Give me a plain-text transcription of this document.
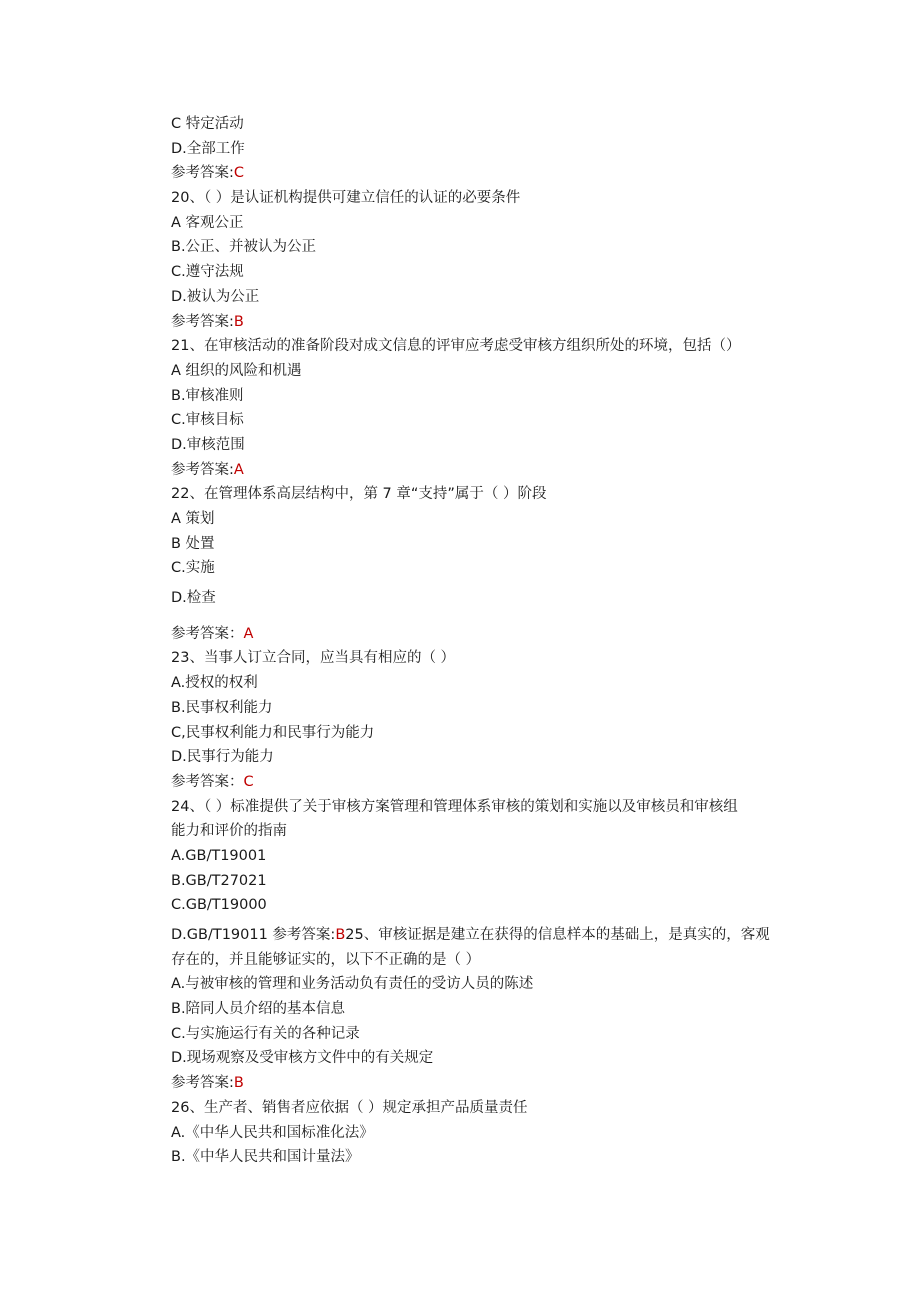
C 特定活动
D.全部工作
参考答案:C
20、（ ）是认证机构提供可建立信任的认证的必要条件
A 客观公正
B.公正、并被认为公正
C.遵守法规
D.被认为公正
参考答案:B
21、在审核活动的准备阶段对成文信息的评审应考虑受审核方组织所处的环境，包括（）
A 组织的风险和机遇
B.审核准则
C.审核目标
D.审核范围
参考答案:A
22、在管理体系高层结构中，第 7 章“支持”属于（ ）阶段
A 策划
B 处置
C.实施
D.检查
参考答案：A
23、当事人订立合同，应当具有相应的（ ）
A.授权的权利
B.民事权利能力
C,民事权利能力和民事行为能力
D.民事行为能力
参考答案：C
24、（ ）标准提供了关于审核方案管理和管理体系审核的策划和实施以及审核员和审核组
能力和评价的指南
A.GB/T19001
B.GB/T27021
C.GB/T19000
D.GB/T19011 参考答案:B25、审核证据是建立在获得的信息样本的基础上，是真实的，客观
存在的，并且能够证实的，以下不正确的是（ ）
A.与被审核的管理和业务活动负有责任的受访人员的陈述
B.陪同人员介绍的基本信息
C.与实施运行有关的各种记录
D.现场观察及受审核方文件中的有关规定
参考答案:B
26、生产者、销售者应依据（ ）规定承担产品质量责任
A.《中华人民共和国标准化法》
B.《中华人民共和国计量法》
